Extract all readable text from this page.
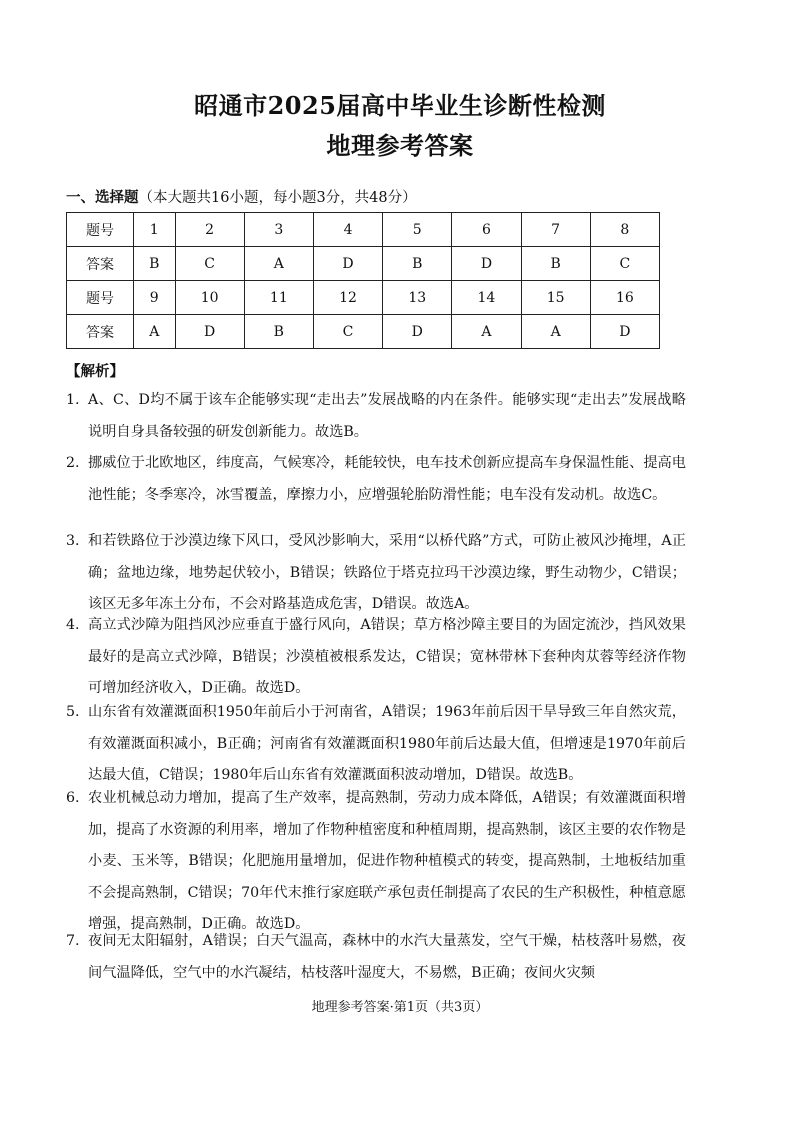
昭通市2025届高中毕业生诊断性检测
地理参考答案
一、选择题（本大题共16小题，每小题3分，共48分）
题号	1	2	3	4	5	6	7	8
答案	B	C	A	D	B	D	B	C
题号	9	10	11	12	13	14	15	16
答案	A	D	B	C	D	A	A	D
【解析】
1. A、C、D均不属于该车企能够实现“走出去”发展战略的内在条件。能够实现“走出去”发展战略说明自身具备较强的研发创新能力。故选B。
2. 挪威位于北欧地区，纬度高，气候寒冷，耗能较快，电车技术创新应提高车身保温性能、提高电池性能；冬季寒冷，冰雪覆盖，摩擦力小，应增强轮胎防滑性能；电车没有发动机。故选C。
3. 和若铁路位于沙漠边缘下风口，受风沙影响大，采用“以桥代路”方式，可防止被风沙掩埋，A正确；盆地边缘，地势起伏较小，B错误；铁路位于塔克拉玛干沙漠边缘，野生动物少，C错误；该区无多年冻土分布，不会对路基造成危害，D错误。故选A。
4. 高立式沙障为阻挡风沙应垂直于盛行风向，A错误；草方格沙障主要目的为固定流沙，挡风效果最好的是高立式沙障，B错误；沙漠植被根系发达，C错误；宽林带林下套种肉苁蓉等经济作物可增加经济收入，D正确。故选D。
5. 山东省有效灌溉面积1950年前后小于河南省，A错误；1963年前后因干旱导致三年自然灾荒，有效灌溉面积减小，B正确；河南省有效灌溉面积1980年前后达最大值，但增速是1970年前后达最大值，C错误；1980年后山东省有效灌溉面积波动增加，D错误。故选B。
6. 农业机械总动力增加，提高了生产效率，提高熟制，劳动力成本降低，A错误；有效灌溉面积增加，提高了水资源的利用率，增加了作物种植密度和种植周期，提高熟制，该区主要的农作物是小麦、玉米等，B错误；化肥施用量增加，促进作物种植模式的转变，提高熟制，土地板结加重不会提高熟制，C错误；70年代末推行家庭联产承包责任制提高了农民的生产积极性，种植意愿增强，提高熟制，D正确。故选D。
7. 夜间无太阳辐射，A错误；白天气温高，森林中的水汽大量蒸发，空气干燥，枯枝落叶易燃，夜间气温降低，空气中的水汽凝结，枯枝落叶湿度大，不易燃，B正确；夜间火灾频
地理参考答案·第1页（共3页）
